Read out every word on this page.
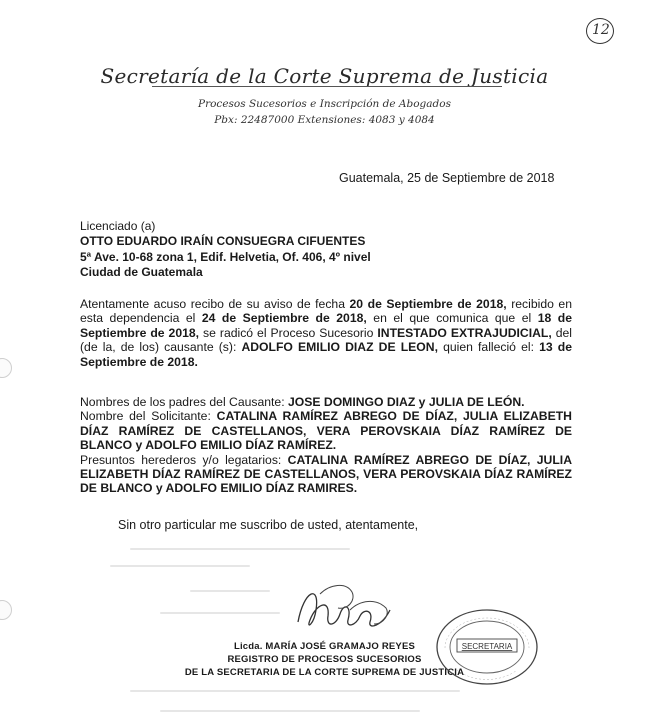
12
Secretaría de la Corte Suprema de Justicia
Procesos Sucesorios e Inscripción de Abogados
Pbx: 22487000 Extensiones: 4083 y 4084
Guatemala, 25 de Septiembre de 2018
Licenciado (a)
OTTO EDUARDO IRAÍN CONSUEGRA CIFUENTES
5ª Ave. 10-68 zona 1, Edif. Helvetia, Of. 406, 4º nivel
Ciudad de Guatemala
Atentamente acuso recibo de su aviso de fecha 20 de Septiembre de 2018, recibido en esta dependencia el 24 de Septiembre de 2018, en el que comunica que el 18 de Septiembre de 2018, se radicó el Proceso Sucesorio INTESTADO EXTRAJUDICIAL, del (de la, de los) causante (s): ADOLFO EMILIO DIAZ DE LEON, quien falleció el: 13 de Septiembre de 2018.
Nombres de los padres del Causante: JOSE DOMINGO DIAZ y JULIA DE LEÓN.
Nombre del Solicitante: CATALINA RAMÍREZ ABREGO DE DÍAZ, JULIA ELIZABETH DÍAZ RAMÍREZ DE CASTELLANOS, VERA PEROVSKAIA DÍAZ RAMÍREZ DE BLANCO y ADOLFO EMILIO DÍAZ RAMÍREZ.
Presuntos herederos y/o legatarios: CATALINA RAMÍREZ ABREGO DE DÍAZ, JULIA ELIZABETH DÍAZ RAMÍREZ DE CASTELLANOS, VERA PEROVSKAIA DÍAZ RAMÍREZ DE BLANCO y ADOLFO EMILIO DÍAZ RAMIRES.
Sin otro particular me suscribo de usted, atentamente,
Licda. MARÍA JOSÉ GRAMAJO REYES
REGISTRO DE PROCESOS SUCESORIOS
DE LA SECRETARIA DE LA CORTE SUPREMA DE JUSTICIA
SECRETARIA
